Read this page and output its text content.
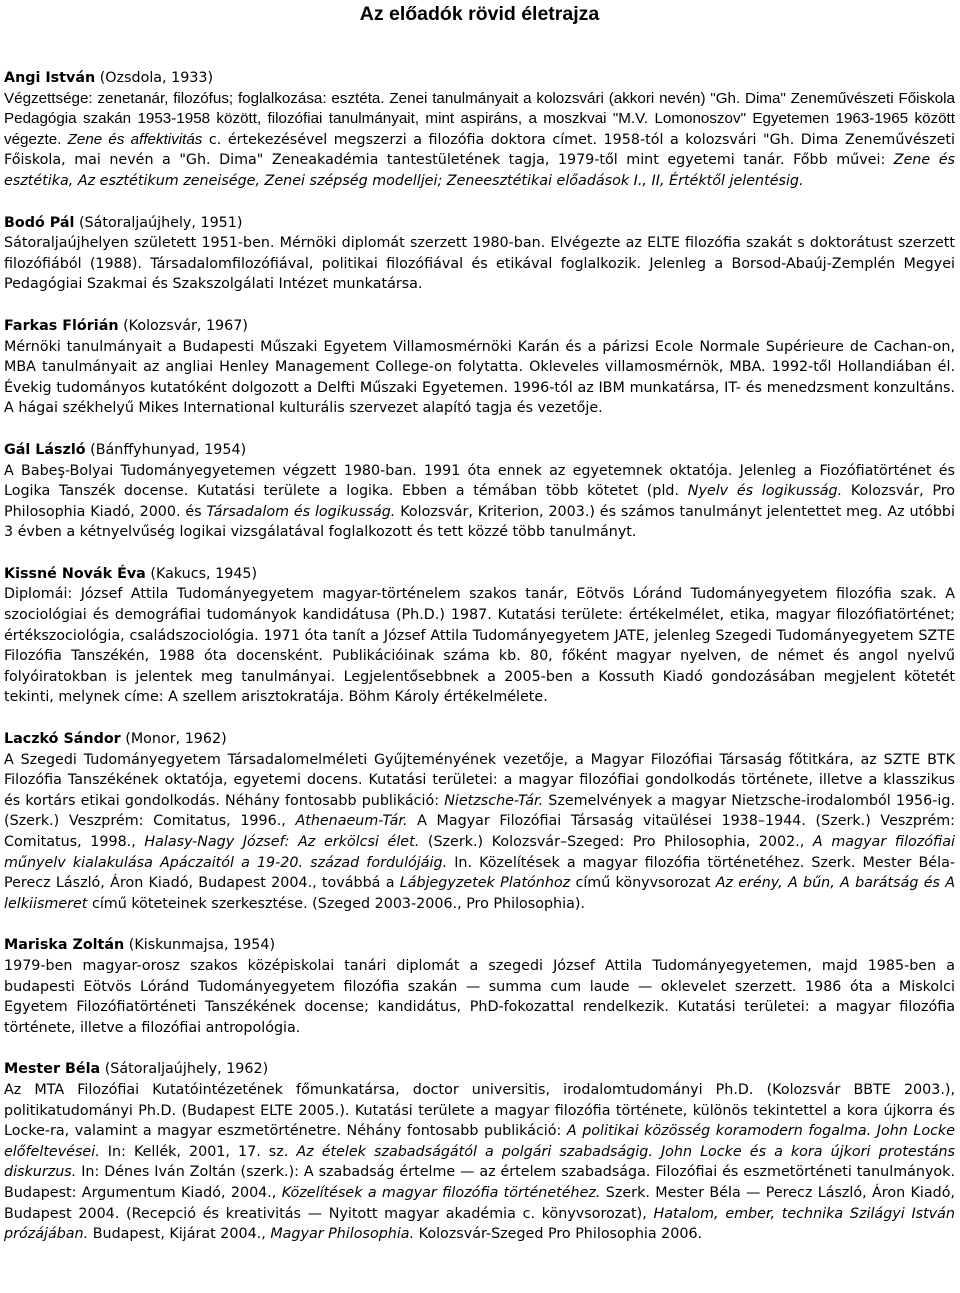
Az előadók rövid életrajza

Angi István (Ozsdola, 1933)

Végzettsége: zenetanár, filozófus; foglalkozása: esztéta. Zenei tanulmányait a kolozsvári (akkori nevén) "Gh. Dima" Zeneművészeti Főiskola Pedagógia szakán 1953-1958 között, filozófiai tanulmányait, mint aspiráns, a moszkvai "M.V. Lomonoszov" Egyetemen 1963-1965 között végezte. Zene és affektivitás c. értekezésével megszerzi a filozófia doktora címet. 1958-tól a kolozsvári "Gh. Dima Zeneművészeti Főiskola, mai nevén a "Gh. Dima" Zeneakadémia tantestületének tagja, 1979-től mint egyetemi tanár. Főbb művei: Zene és esztétika, Az esztétikum zeneisége, Zenei szépség modelljei; Zeneesztétikai előadások I., II, Értéktől jelentésig.

Bodó Pál (Sátoraljaújhely, 1951)

Sátoraljaújhelyen született 1951-ben. Mérnöki diplomát szerzett 1980-ban. Elvégezte az ELTE filozófia szakát s doktorátust szerzett filozófiából (1988). Társadalomfilozófiával, politikai filozófiával és etikával foglalkozik. Jelenleg a Borsod-Abaúj-Zemplén Megyei Pedagógiai Szakmai és Szakszolgálati Intézet munkatársa.

Farkas Flórián (Kolozsvár, 1967)

Mérnöki tanulmányait a Budapesti Műszaki Egyetem Villamosmérnöki Karán és a párizsi Ecole Normale Supérieure de Cachan-on, MBA tanulmányait az angliai Henley Management College-on folytatta. Okleveles villamosmérnök, MBA. 1992-től Hollandiában él. Évekig tudományos kutatóként dolgozott a Delfti Műszaki Egyetemen. 1996-tól az IBM munkatársa, IT- és menedzsment konzultáns. A hágai székhelyű Mikes International kulturális szervezet alapító tagja és vezetője.

Gál László (Bánffyhunyad, 1954)

A Babeş-Bolyai Tudományegyetemen végzett 1980-ban. 1991 óta ennek az egyetemnek oktatója. Jelenleg a Fiozófiatörténet és Logika Tanszék docense. Kutatási területe a logika. Ebben a témában több kötetet (pld. Nyelv és logikusság. Kolozsvár, Pro Philosophia Kiadó, 2000. és Társadalom és logikusság. Kolozsvár, Kriterion, 2003.) és számos tanulmányt jelentettet meg. Az utóbbi 3 évben a kétnyelvűség logikai vizsgálatával foglalkozott és tett közzé több tanulmányt.

Kissné Novák Éva (Kakucs, 1945)

Diplomái: József Attila Tudományegyetem magyar-történelem szakos tanár, Eötvös Lóránd Tudományegyetem filozófia szak. A szociológiai és demográfiai tudományok kandidátusa (Ph.D.) 1987. Kutatási területe: értékelmélet, etika, magyar filozófiatörténet; értékszociológia, családszociológia. 1971 óta tanít a József Attila Tudományegyetem JATE, jelenleg Szegedi Tudományegyetem SZTE Filozófia Tanszékén, 1988 óta docensként. Publikációinak száma kb. 80, főként magyar nyelven, de német és angol nyelvű folyóiratokban is jelentek meg tanulmányai. Legjelentősebbnek a 2005-ben a Kossuth Kiadó gondozásában megjelent kötetét tekinti, melynek címe: A szellem arisztokratája. Böhm Károly értékelmélete.

Laczkó Sándor (Monor, 1962)

A Szegedi Tudományegyetem Társadalomelméleti Gyűjteményének vezetője, a Magyar Filozófiai Társaság főtitkára, az SZTE BTK Filozófia Tanszékének oktatója, egyetemi docens. Kutatási területei: a magyar filozófiai gondolkodás története, illetve a klasszikus és kortárs etikai gondolkodás. Néhány fontosabb publikáció: Nietzsche-Tár. Szemelvények a magyar Nietzsche-irodalomból 1956-ig. (Szerk.) Veszprém: Comitatus, 1996., Athenaeum-Tár. A Magyar Filozófiai Társaság vitaülései 1938–1944. (Szerk.) Veszprém: Comitatus, 1998., Halasy-Nagy József: Az erkölcsi élet. (Szerk.) Kolozsvár–Szeged: Pro Philosophia, 2002., A magyar filozófiai műnyelv kialakulása Apáczaitól a 19-20. század fordulójáig. In. Közelítések a magyar filozófia történetéhez. Szerk. Mester Béla-Perecz László, Áron Kiadó, Budapest 2004., továbbá a Lábjegyzetek Platónhoz című könyvsorozat Az erény, A bűn, A barátság és A lelkiismeret című köteteinek szerkesztése. (Szeged 2003-2006., Pro Philosophia).

Mariska Zoltán (Kiskunmajsa, 1954)

1979-ben magyar-orosz szakos középiskolai tanári diplomát a szegedi József Attila Tudományegyetemen, majd 1985-ben a budapesti Eötvös Lóránd Tudományegyetem filozófia szakán — summa cum laude — oklevelet szerzett. 1986 óta a Miskolci Egyetem Filozófiatörténeti Tanszékének docense; kandidátus, PhD-fokozattal rendelkezik. Kutatási területei: a magyar filozófia története, illetve a filozófiai antropológia.

Mester Béla (Sátoraljaújhely, 1962)

Az MTA Filozófiai Kutatóintézetének főmunkatársa, doctor universitis, irodalomtudományi Ph.D. (Kolozsvár BBTE 2003.), politikatudományi Ph.D. (Budapest ELTE 2005.). Kutatási területe a magyar filozófia története, különös tekintettel a kora újkorra és Locke-ra, valamint a magyar eszmetörténetre. Néhány fontosabb publikáció: A politikai közösség koramodern fogalma. John Locke előfeltevései. In: Kellék, 2001, 17. sz. Az ételek szabadságától a polgári szabadságig. John Locke és a kora újkori protestáns diskurzus. In: Dénes Iván Zoltán (szerk.): A szabadság értelme — az értelem szabadsága. Filozófiai és eszmetörténeti tanulmányok. Budapest: Argumentum Kiadó, 2004., Közelítések a magyar filozófia történetéhez. Szerk. Mester Béla — Perecz László, Áron Kiadó, Budapest 2004. (Recepció és kreativitás — Nyitott magyar akadémia c. könyvsorozat), Hatalom, ember, technika Szilágyi István prózájában. Budapest, Kijárat 2004., Magyar Philosophia. Kolozsvár-Szeged Pro Philosophia 2006.
